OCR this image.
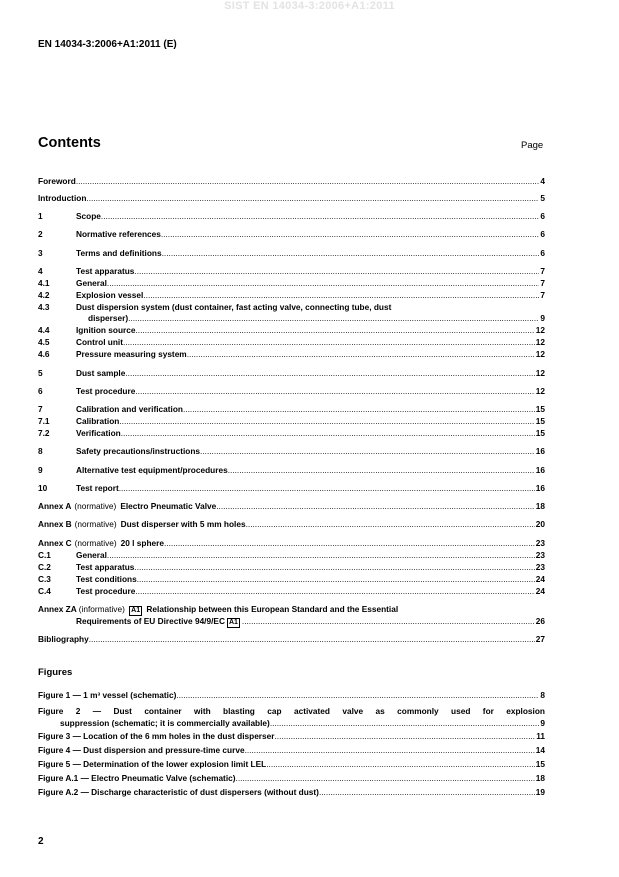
SIST EN 14034-3:2006+A1:2011
EN 14034-3:2006+A1:2011 (E)
Contents	Page
Foreword .....	4
Introduction .....	5
1	Scope .....	6
2	Normative references .....	6
3	Terms and definitions .....	6
4	Test apparatus .....	7
4.1	General .....	7
4.2	Explosion vessel .....	7
4.3	Dust dispersion system (dust container, fast acting valve, connecting tube, dust
disperser) .....	9
4.4	Ignition source .....	12
4.5	Control unit .....	12
4.6	Pressure measuring system .....	12
5	Dust sample .....	12
6	Test procedure .....	12
7	Calibration and verification .....	15
7.1	Calibration .....	15
7.2	Verification .....	15
8	Safety precautions/instructions .....	16
9	Alternative test equipment/procedures .....	16
10	Test report .....	16
Annex A (normative) Electro Pneumatic Valve .....	18
Annex B (normative) Dust disperser with 5 mm holes .....	20
Annex C (normative) 20 l sphere .....	23
C.1	General .....	23
C.2	Test apparatus .....	23
C.3	Test conditions .....	24
C.4	Test procedure .....	24
Annex ZA (informative) A1 Relationship between this European Standard and the Essential
Requirements of EU Directive 94/9/EC A1 .....	26
Bibliography .....	27
Figures
Figure 1 — 1 m³ vessel (schematic) .....	8
Figure 2 — Dust container with blasting cap activated valve as commonly used for explosion
suppression (schematic; it is commercially available) .....	9
Figure 3 — Location of the 6 mm holes in the dust disperser .....	11
Figure 4 — Dust dispersion and pressure-time curve .....	14
Figure 5 — Determination of the lower explosion limit LEL .....	15
Figure A.1 — Electro Pneumatic Valve (schematic) .....	18
Figure A.2 — Discharge characteristic of dust dispersers (without dust) .....	19
2
